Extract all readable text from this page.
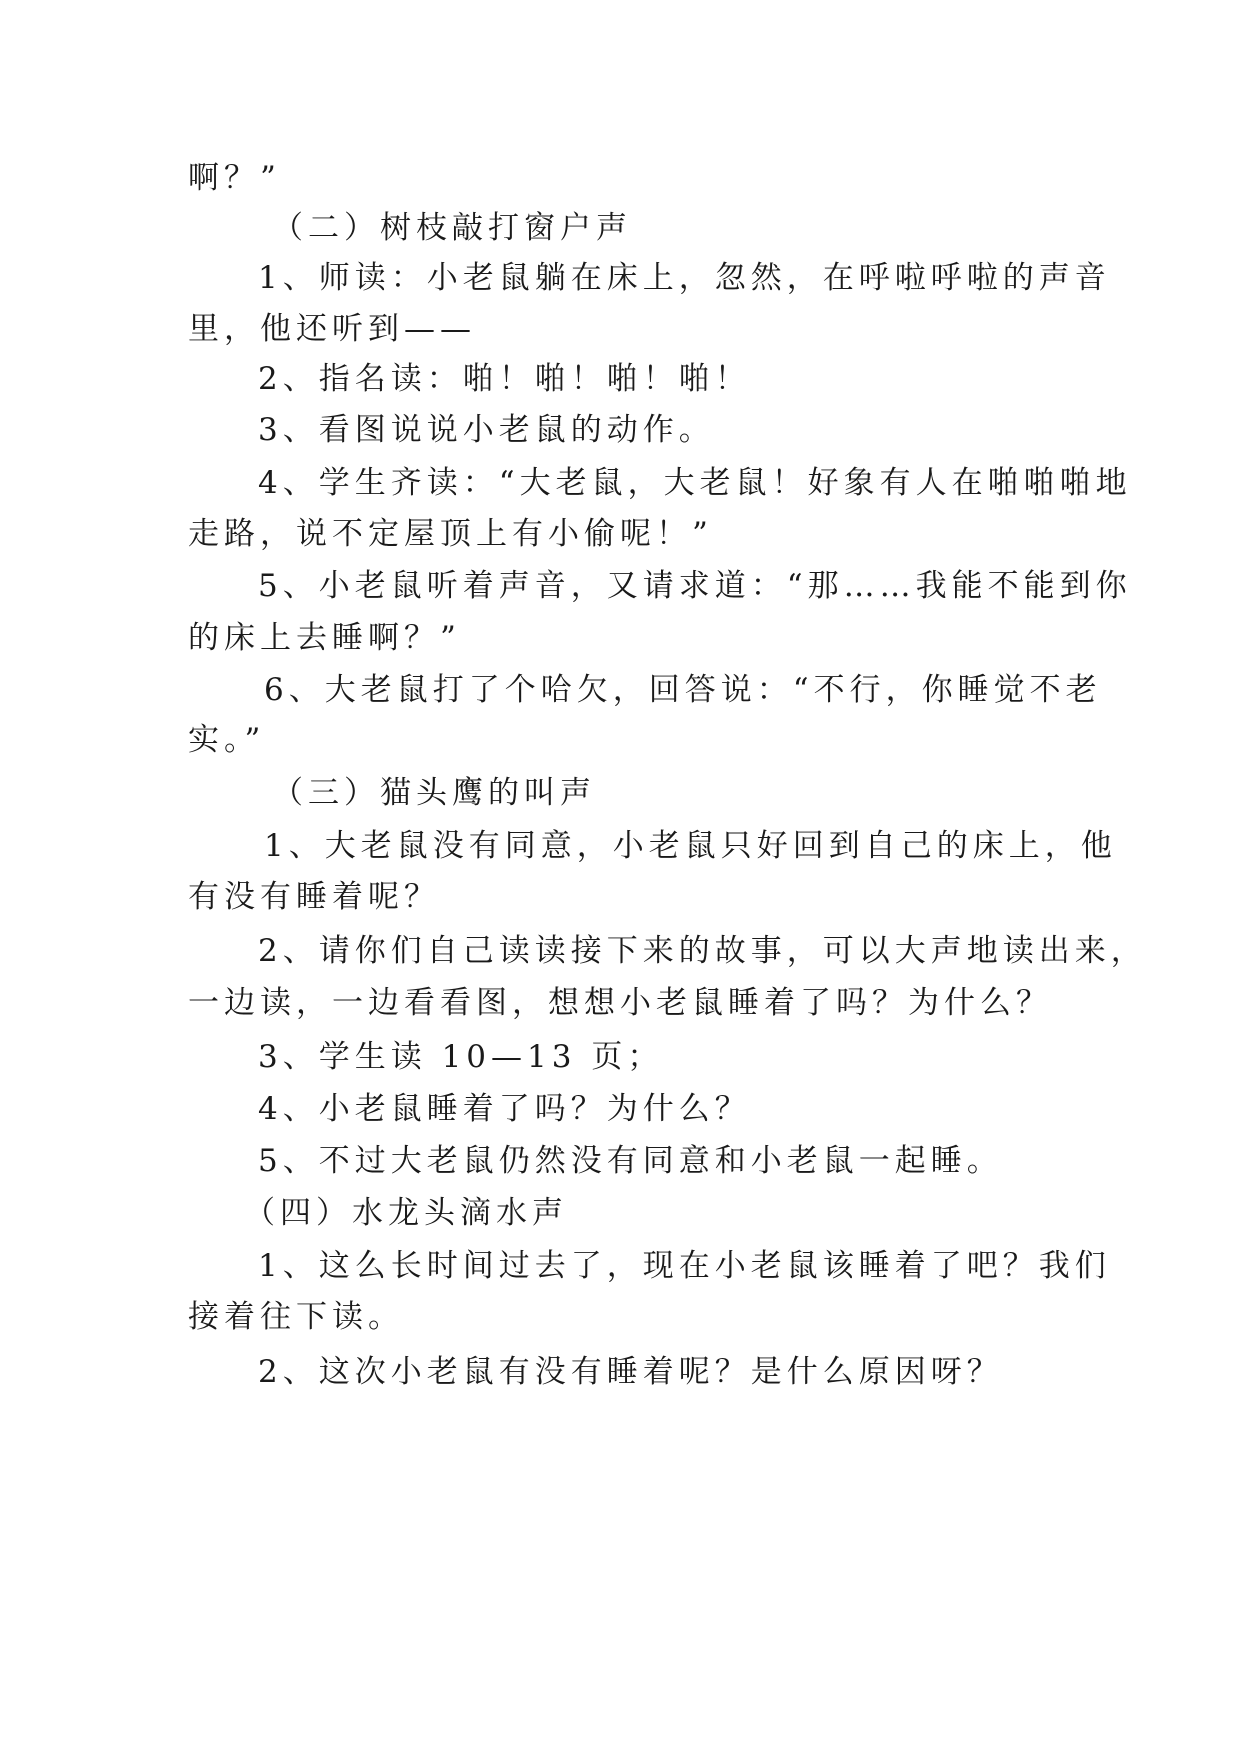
啊？”
（二）树枝敲打窗户声
1、师读：小老鼠躺在床上，忽然，在呼啦呼啦的声音
里，他还听到——
2、指名读：啪！啪！啪！啪！
3、看图说说小老鼠的动作。
4、学生齐读：“大老鼠，大老鼠！好象有人在啪啪啪地
走路，说不定屋顶上有小偷呢！”
5、小老鼠听着声音，又请求道：“那……我能不能到你
的床上去睡啊？”
6、大老鼠打了个哈欠，回答说：“不行，你睡觉不老
实。”
（三）猫头鹰的叫声
1、大老鼠没有同意，小老鼠只好回到自己的床上，他
有没有睡着呢？
2、请你们自己读读接下来的故事，可以大声地读出来，
一边读，一边看看图，想想小老鼠睡着了吗？为什么？
3、学生读 10—13 页；
4、小老鼠睡着了吗？为什么？
5、不过大老鼠仍然没有同意和小老鼠一起睡。
（四）水龙头滴水声
1、这么长时间过去了，现在小老鼠该睡着了吧？我们
接着往下读。
2、这次小老鼠有没有睡着呢？是什么原因呀？
